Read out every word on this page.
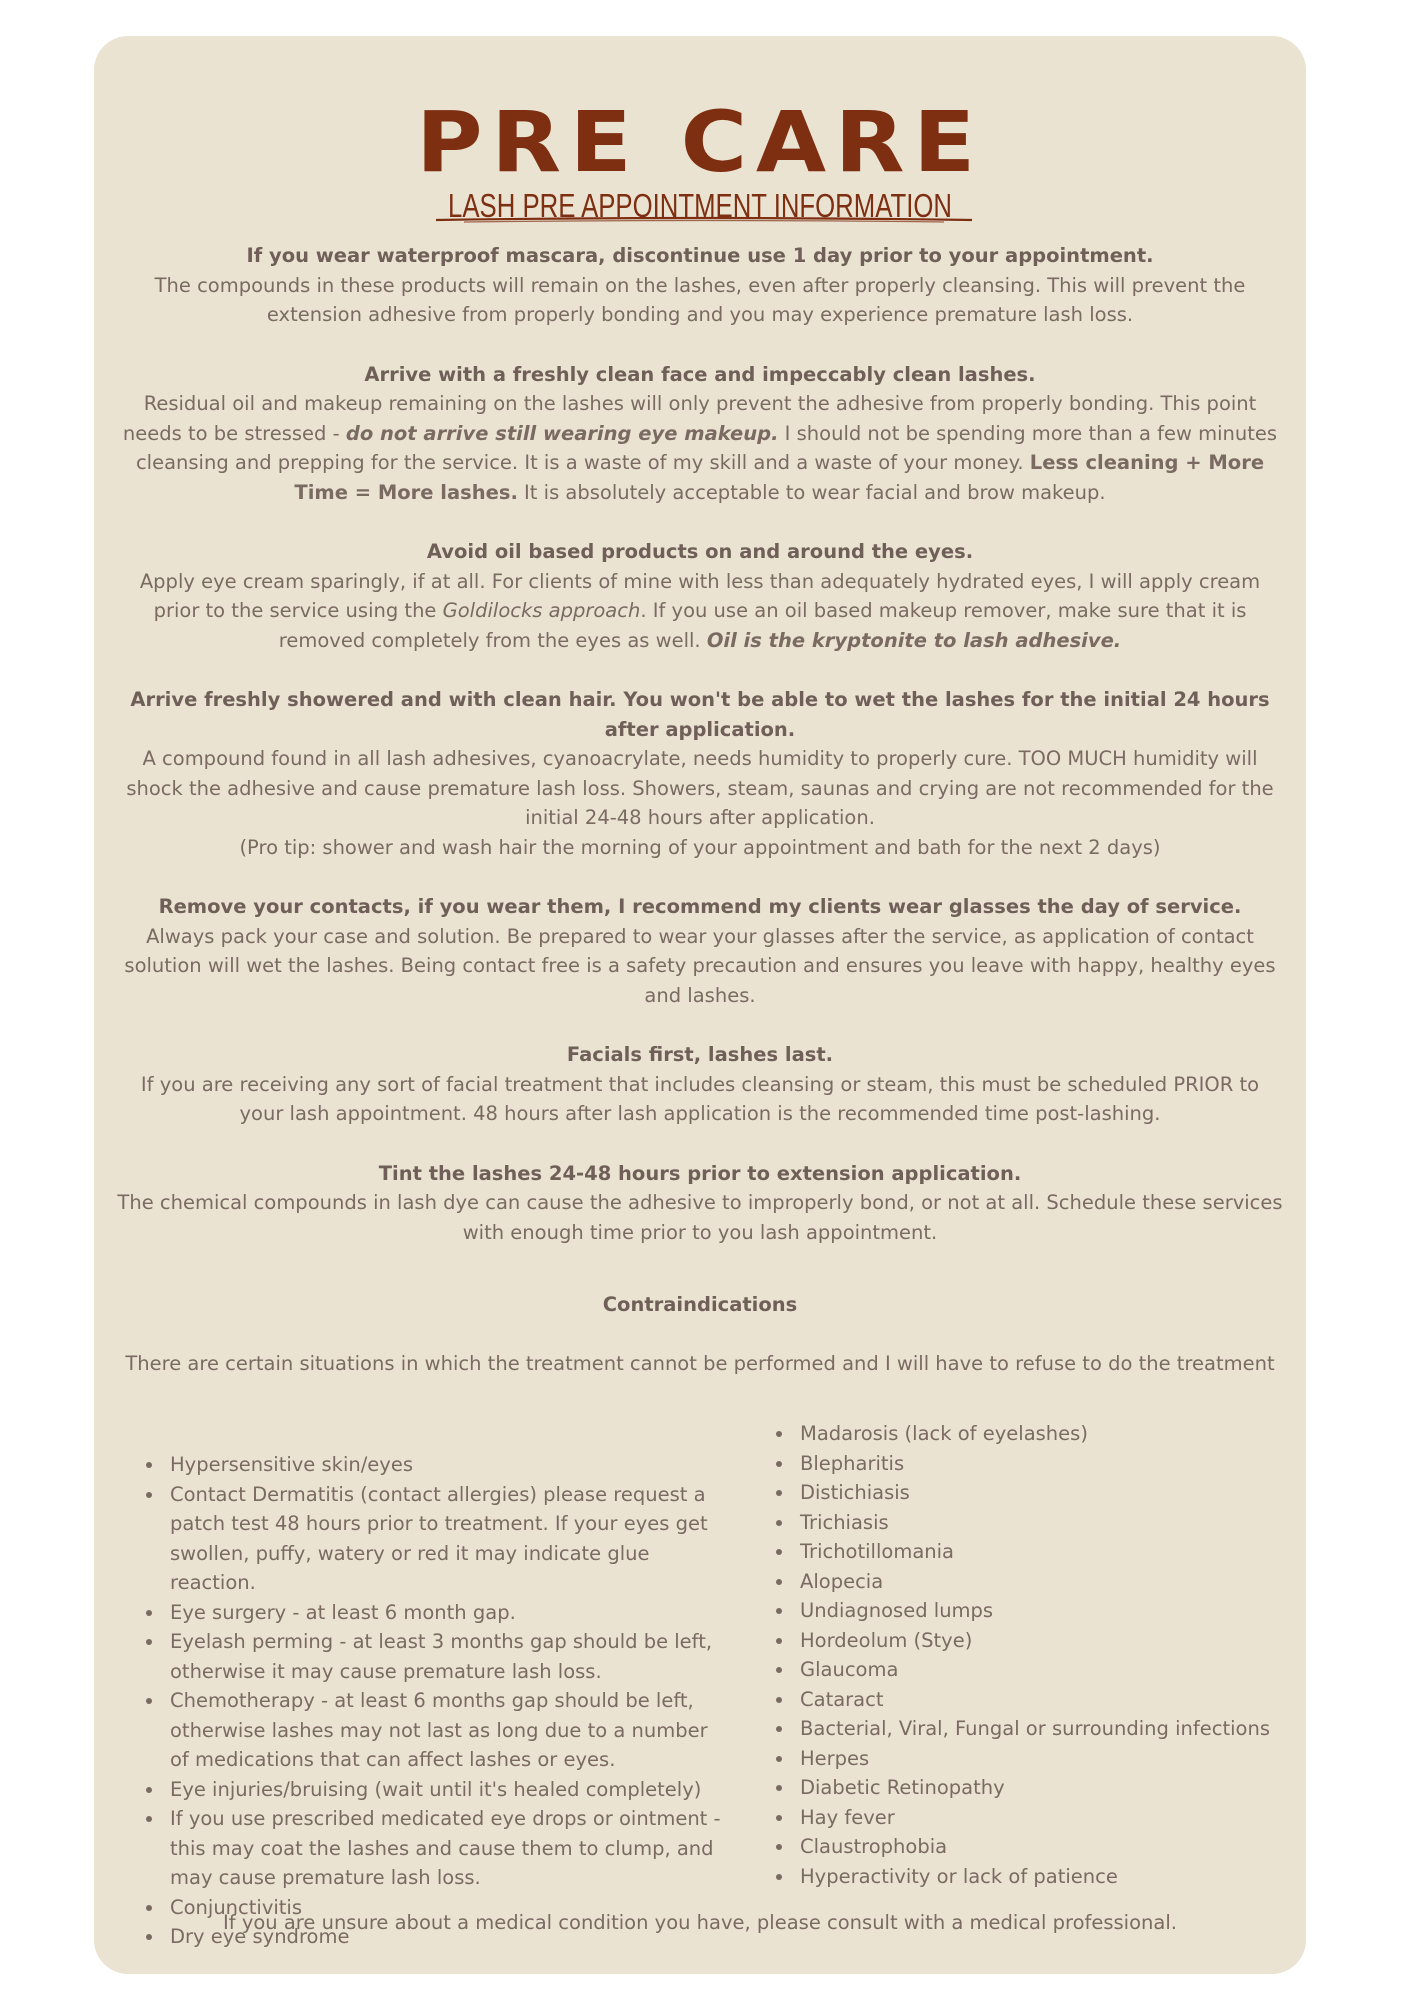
PRE CARE
LASH PRE APPOINTMENT INFORMATION
If you wear waterproof mascara, discontinue use 1 day prior to your appointment.

The compounds in these products will remain on the lashes, even after properly cleansing. This will prevent the extension adhesive from properly bonding and you may experience premature lash loss.

Arrive with a freshly clean face and impeccably clean lashes.

Residual oil and makeup remaining on the lashes will only prevent the adhesive from properly bonding. This point needs to be stressed - do not arrive still wearing eye makeup. I should not be spending more than a few minutes cleansing and prepping for the service. It is a waste of my skill and a waste of your money. Less cleaning + More Time = More lashes. It is absolutely acceptable to wear facial and brow makeup.

Avoid oil based products on and around the eyes.

Apply eye cream sparingly, if at all. For clients of mine with less than adequately hydrated eyes, I will apply cream prior to the service using the Goldilocks approach. If you use an oil based makeup remover, make sure that it is removed completely from the eyes as well. Oil is the kryptonite to lash adhesive.

Arrive freshly showered and with clean hair. You won't be able to wet the lashes for the initial 24 hours after application.

A compound found in all lash adhesives, cyanoacrylate, needs humidity to properly cure. TOO MUCH humidity will shock the adhesive and cause premature lash loss. Showers, steam, saunas and crying are not recommended for the initial 24-48 hours after application.

(Pro tip: shower and wash hair the morning of your appointment and bath for the next 2 days)

Remove your contacts, if you wear them, I recommend my clients wear glasses the day of service.

Always pack your case and solution. Be prepared to wear your glasses after the service, as application of contact solution will wet the lashes. Being contact free is a safety precaution and ensures you leave with happy, healthy eyes and lashes.

Facials first, lashes last.

If you are receiving any sort of facial treatment that includes cleansing or steam, this must be scheduled PRIOR to your lash appointment. 48 hours after lash application is the recommended time post-lashing.

Tint the lashes 24-48 hours prior to extension application.

The chemical compounds in lash dye can cause the adhesive to improperly bond, or not at all. Schedule these services with enough time prior to you lash appointment.

Contraindications
There are certain situations in which the treatment cannot be performed and I will have to refuse to do the treatment
Hypersensitive skin/eyes
Contact Dermatitis (contact allergies) please request a patch test 48 hours prior to treatment. If your eyes get swollen, puffy, watery or red it may indicate glue reaction.
Eye surgery - at least 6 month gap.
Eyelash perming - at least 3 months gap should be left, otherwise it may cause premature lash loss.
Chemotherapy - at least 6 months gap should be left, otherwise lashes may not last as long due to a number of medications that can affect lashes or eyes.
Eye injuries/bruising (wait until it's healed completely)
If you use prescribed medicated eye drops or ointment - this may coat the lashes and cause them to clump, and may cause premature lash loss.
Conjunctivitis
Dry eye syndrome
Madarosis (lack of eyelashes)
Blepharitis
Distichiasis
Trichiasis
Trichotillomania
Alopecia
Undiagnosed lumps
Hordeolum (Stye)
Glaucoma
Cataract
Bacterial, Viral, Fungal or surrounding infections
Herpes
Diabetic Retinopathy
Hay fever
Claustrophobia
Hyperactivity or lack of patience
If you are unsure about a medical condition you have, please consult with a medical professional.
